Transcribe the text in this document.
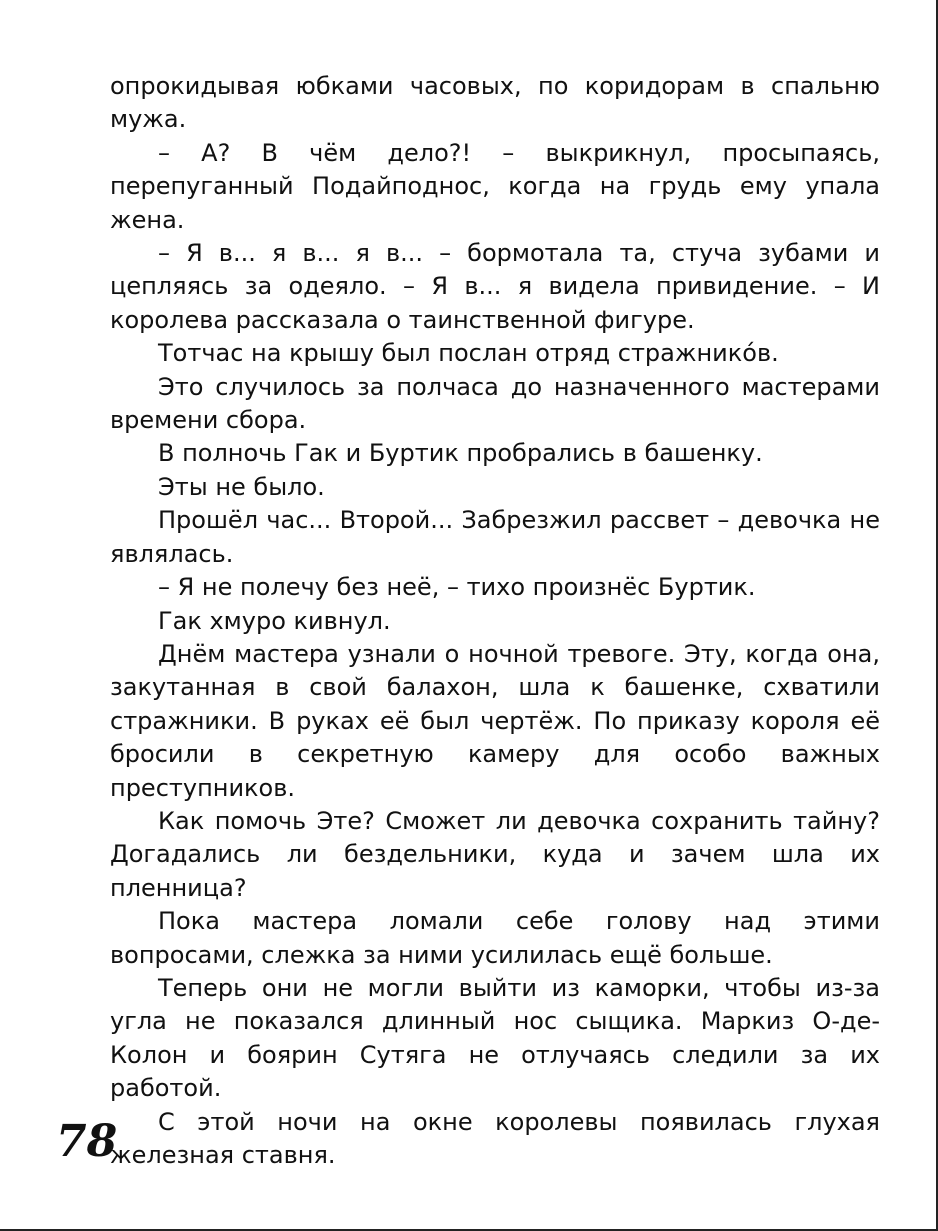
опрокидывая юбками часовых, по коридорам в спальню мужа.

– А? В чём дело?! – выкрикнул, просыпаясь, перепуганный Подайподнос, когда на грудь ему упала жена.

– Я в... я в... я в... – бормотала та, стуча зубами и цепляясь за одеяло. – Я в... я видела привидение. – И королева рассказала о таинственной фигуре.

Тотчас на крышу был послан отряд стражникóв.

Это случилось за полчаса до назначенного мастерами времени сбора.

В полночь Гак и Буртик пробрались в башенку.

Эты не было.

Прошёл час... Второй... Забрезжил рассвет – девочка не являлась.

– Я не полечу без неё, – тихо произнёс Буртик.

Гак хмуро кивнул.

Днём мастера узнали о ночной тревоге. Эту, когда она, закутанная в свой балахон, шла к башенке, схватили стражники. В руках её был чертёж. По приказу короля её бросили в секретную камеру для особо важных преступников.

Как помочь Эте? Сможет ли девочка сохранить тайну? Догадались ли бездельники, куда и зачем шла их пленница?

Пока мастера ломали себе голову над этими вопросами, слежка за ними усилилась ещё больше.

Теперь они не могли выйти из каморки, чтобы из-за угла не показался длинный нос сыщика. Маркиз О-де-Колон и боярин Сутяга не отлучаясь следили за их работой.

С этой ночи на окне королевы появилась глухая железная ставня.

78
